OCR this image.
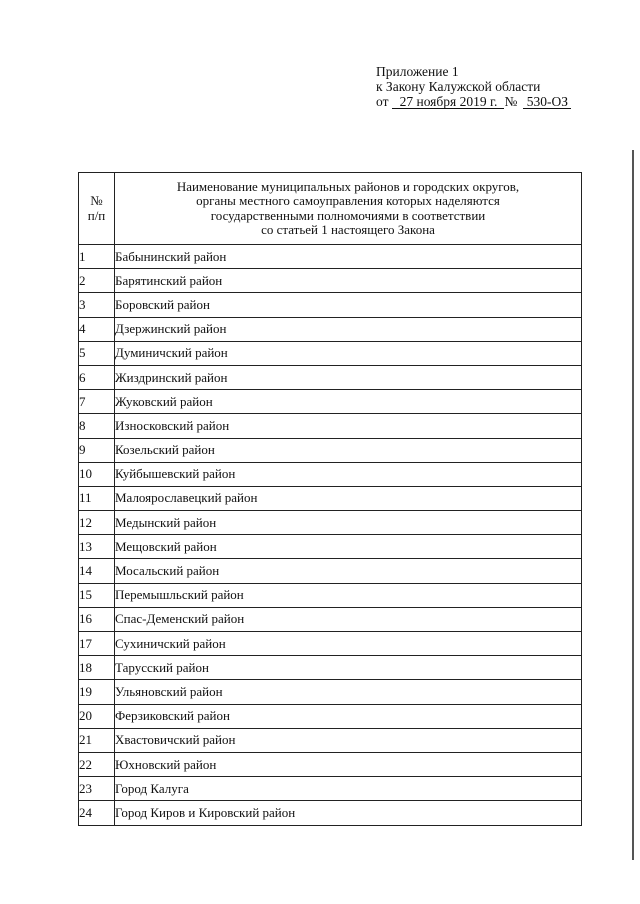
Приложение 1
к Закону Калужской области
от 27 ноября 2019 г. № 530-ОЗ
№
п/п	Наименование муниципальных районов и городских округов,
органы местного самоуправления которых наделяются
государственными полномочиями в соответствии
со статьей 1 настоящего Закона
1	Бабынинский район
2	Барятинский район
3	Боровский район
4	Дзержинский район
5	Думиничский район
6	Жиздринский район
7	Жуковский район
8	Износковский район
9	Козельский район
10	Куйбышевский район
11	Малоярославецкий район
12	Медынский район
13	Мещовский район
14	Мосальский район
15	Перемышльский район
16	Спас-Деменский район
17	Сухиничский район
18	Тарусский район
19	Ульяновский район
20	Ферзиковский район
21	Хвастовичский район
22	Юхновский район
23	Город Калуга
24	Город Киров и Кировский район
